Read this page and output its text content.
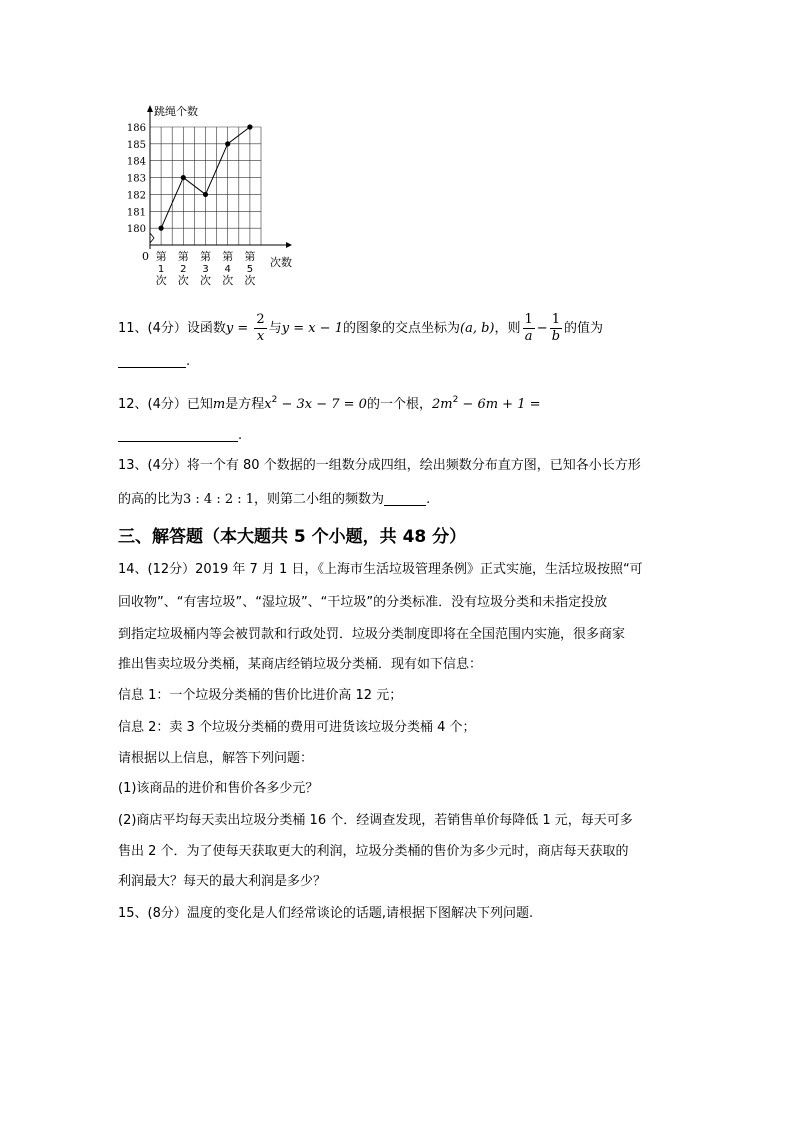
跳绳个数
次数
0
180
181
182
183
184
185
186
第
1
次
第
2
次
第
3
次
第
4
次
第
5
次
11、(4分）设函数$y = \frac{2}{x}$ 与y = x − 1的图象的交点坐标为(a, b)，则 $\frac{1}{a} - \frac{1}{b}$ 的值为
.
12、(4分）已知m是方程$x^2 - 3x - 7 = 0$的一个根，$2m^2 - 6m + 1$ =
.
13、(4分）将一个有 80 个数据的一组数分成四组，绘出频数分布直方图，已知各小长方形
的高的比为3 : 4 : 2 : 1，则第二小组的频数为	.
三、解答题（本大题共 5 个小题，共 48 分）
14、(12分）2019 年 7 月 1 日，《上海市生活垃圾管理条例》正式实施，生活垃圾按照“可
回收物”、“有害垃圾”、“湿垃圾”、“干垃圾”的分类标准．没有垃圾分类和未指定投放
到指定垃圾桶内等会被罚款和行政处罚．垃圾分类制度即将在全国范围内实施，很多商家
推出售卖垃圾分类桶，某商店经销垃圾分类桶．现有如下信息：
信息 1：一个垃圾分类桶的售价比进价高 12 元；
信息 2：卖 3 个垃圾分类桶的费用可进货该垃圾分类桶 4 个；
请根据以上信息，解答下列问题：
(1)该商品的进价和售价各多少元？
(2)商店平均每天卖出垃圾分类桶 16 个．经调查发现，若销售单价每降低 1 元，每天可多
售出 2 个．为了使每天获取更大的利润，垃圾分类桶的售价为多少元时，商店每天获取的
利润最大？每天的最大利润是多少？
15、(8分）温度的变化是人们经常谈论的话题,请根据下图解决下列问题.
